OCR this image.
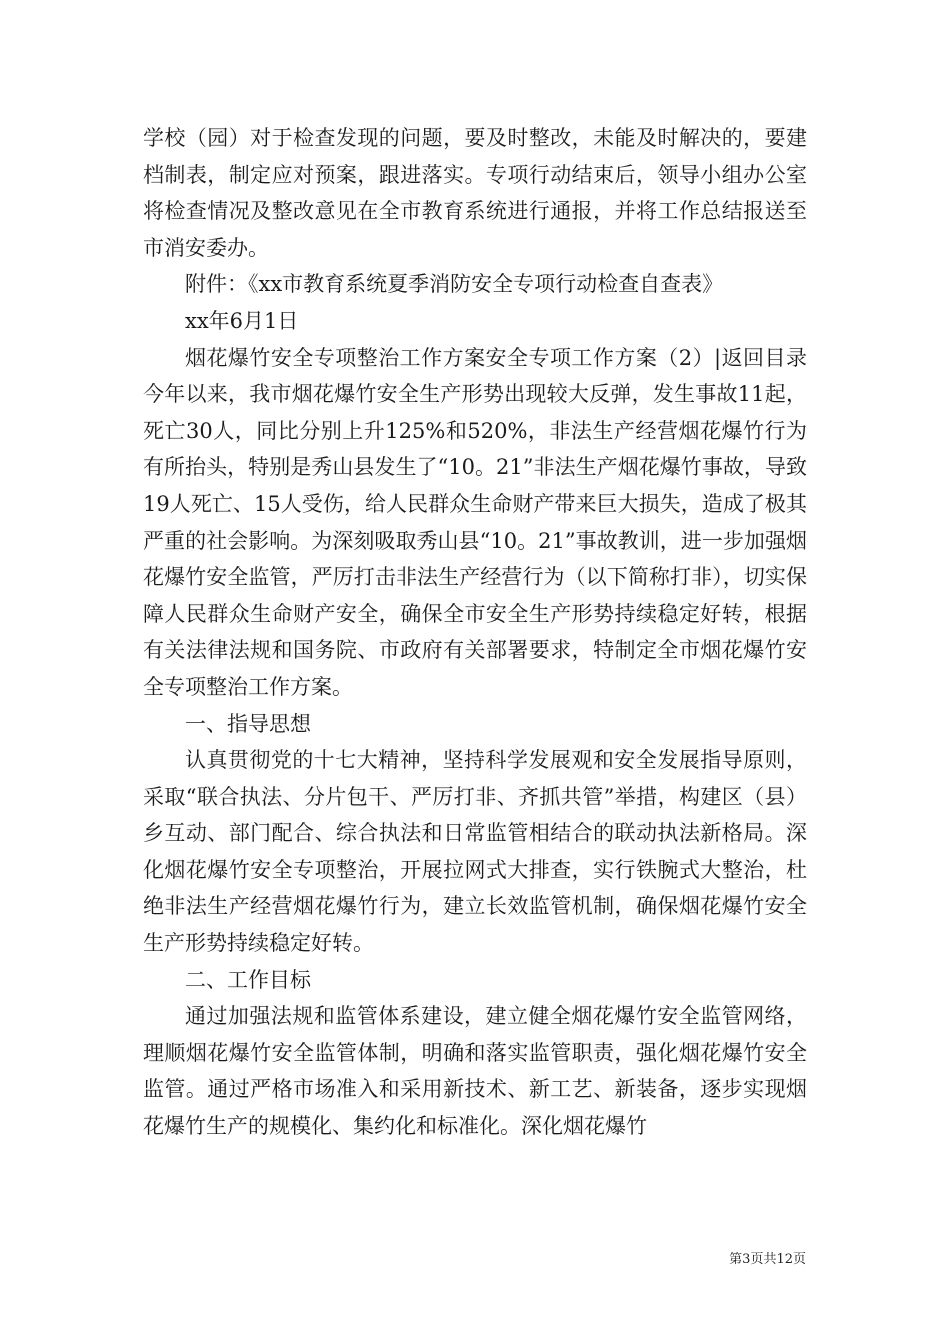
学校（园）对于检查发现的问题，要及时整改，未能及时解决的，要建档制表，制定应对预案，跟进落实。专项行动结束后，领导小组办公室将检查情况及整改意见在全市教育系统进行通报，并将工作总结报送至市消安委办。

附件：《xx市教育系统夏季消防安全专项行动检查自查表》

xx年6月1日

烟花爆竹安全专项整治工作方案安全专项工作方案（2）|返回目录今年以来，我市烟花爆竹安全生产形势出现较大反弹，发生事故11起，死亡30人，同比分别上升125%和520%，非法生产经营烟花爆竹行为有所抬头，特别是秀山县发生了“10。21”非法生产烟花爆竹事故，导致19人死亡、15人受伤，给人民群众生命财产带来巨大损失，造成了极其严重的社会影响。为深刻吸取秀山县“10。21”事故教训，进一步加强烟花爆竹安全监管，严厉打击非法生产经营行为（以下简称打非），切实保障人民群众生命财产安全，确保全市安全生产形势持续稳定好转，根据有关法律法规和国务院、市政府有关部署要求，特制定全市烟花爆竹安全专项整治工作方案。

一、指导思想

认真贯彻党的十七大精神，坚持科学发展观和安全发展指导原则，采取“联合执法、分片包干、严厉打非、齐抓共管”举措，构建区（县）乡互动、部门配合、综合执法和日常监管相结合的联动执法新格局。深化烟花爆竹安全专项整治，开展拉网式大排查，实行铁腕式大整治，杜绝非法生产经营烟花爆竹行为，建立长效监管机制，确保烟花爆竹安全生产形势持续稳定好转。

二、工作目标

通过加强法规和监管体系建设，建立健全烟花爆竹安全监管网络，理顺烟花爆竹安全监管体制，明确和落实监管职责，强化烟花爆竹安全监管。通过严格市场准入和采用新技术、新工艺、新装备，逐步实现烟花爆竹生产的规模化、集约化和标准化。深化烟花爆竹

第3页共12页
